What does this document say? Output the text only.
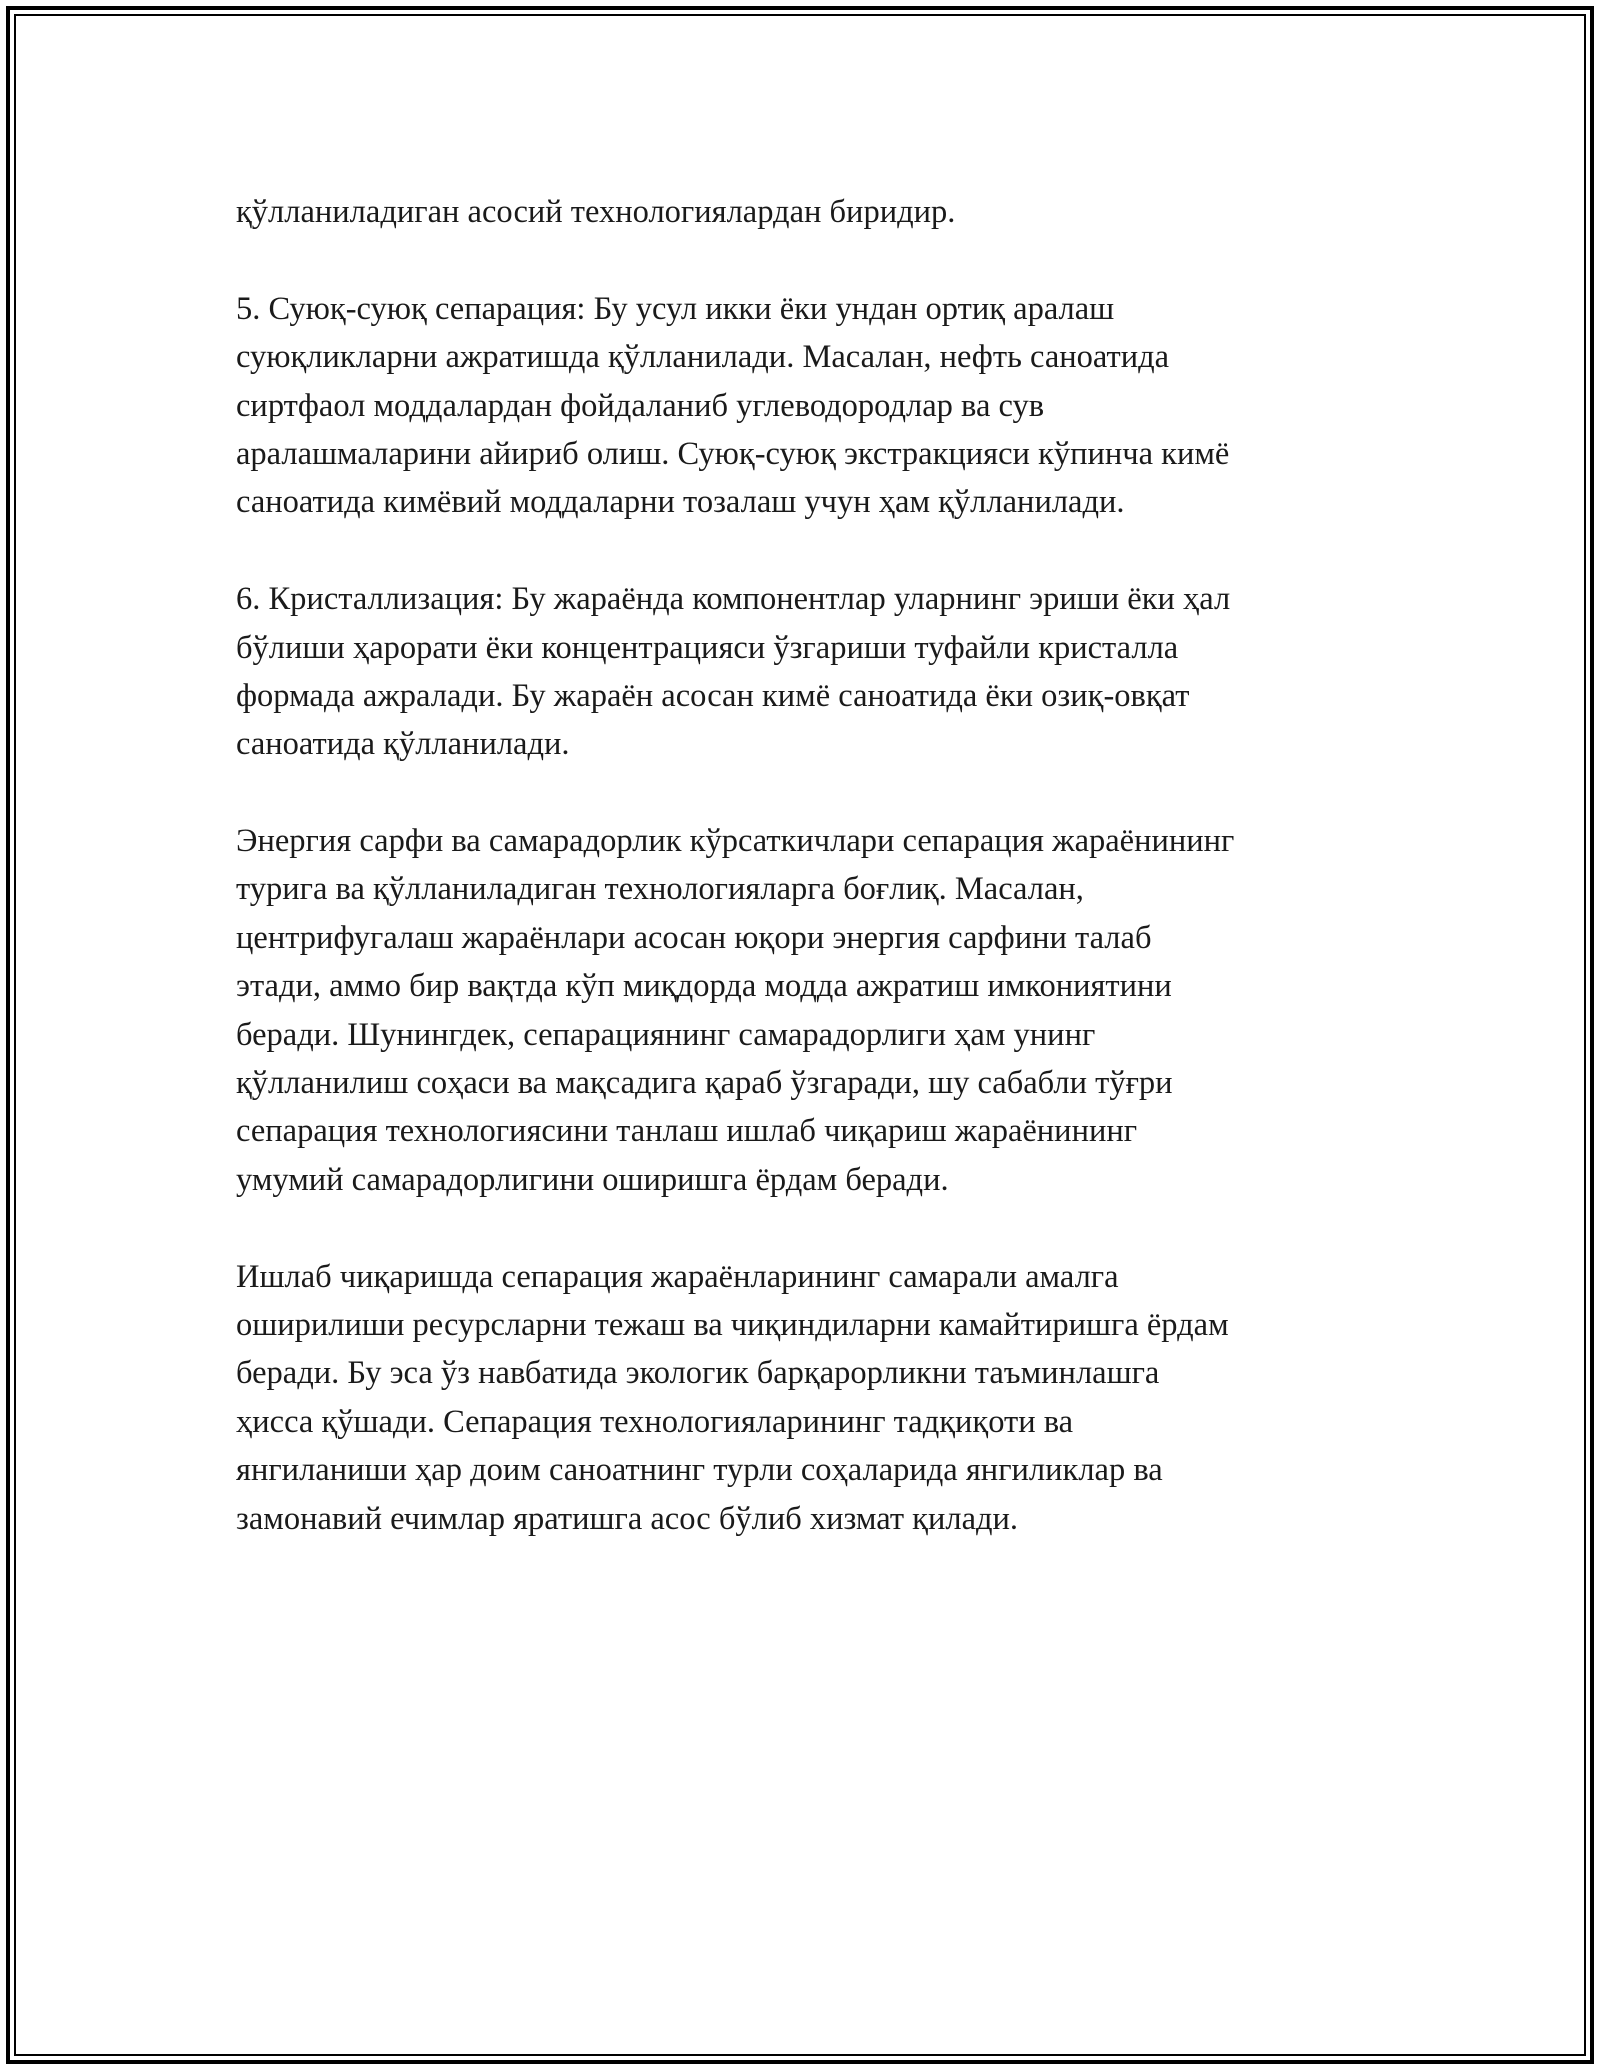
қўлланиладиган асосий технологиялардан биридир.
5. Суюқ-суюқ сепарация: Бу усул икки ёки ундан ортиқ аралаш
суюқликларни ажратишда қўлланилади. Масалан, нефть саноатида
сиртфаол моддалардан фойдаланиб углеводородлар ва сув
аралашмаларини айириб олиш. Суюқ-суюқ экстракцияси кўпинча кимё
саноатида кимёвий моддаларни тозалаш учун ҳам қўлланилади.
6. Кристаллизация: Бу жараёнда компонентлар уларнинг эриши ёки ҳал
бўлиши ҳарорати ёки концентрацияси ўзгариши туфайли кристалла
формада ажралади. Бу жараён асосан кимё саноатида ёки озиқ-овқат
саноатида қўлланилади.
Энергия сарфи ва самарадорлик кўрсаткичлари сепарация жараёнининг
турига ва қўлланиладиган технологияларга боғлиқ. Масалан,
центрифугалаш жараёнлари асосан юқори энергия сарфини талаб
этади, аммо бир вақтда кўп миқдорда модда ажратиш имкониятини
беради. Шунингдек, сепарациянинг самарадорлиги ҳам унинг
қўлланилиш соҳаси ва мақсадига қараб ўзгаради, шу сабабли тўғри
сепарация технологиясини танлаш ишлаб чиқариш жараёнининг
умумий самарадорлигини оширишга ёрдам беради.
Ишлаб чиқаришда сепарация жараёнларининг самарали амалга
оширилиши ресурсларни тежаш ва чиқиндиларни камайтиришга ёрдам
беради. Бу эса ўз навбатида экологик барқарорликни таъминлашга
ҳисса қўшади. Сепарация технологияларининг тадқиқоти ва
янгиланиши ҳар доим саноатнинг турли соҳаларида янгиликлар ва
замонавий ечимлар яратишга асос бўлиб хизмат қилади.
